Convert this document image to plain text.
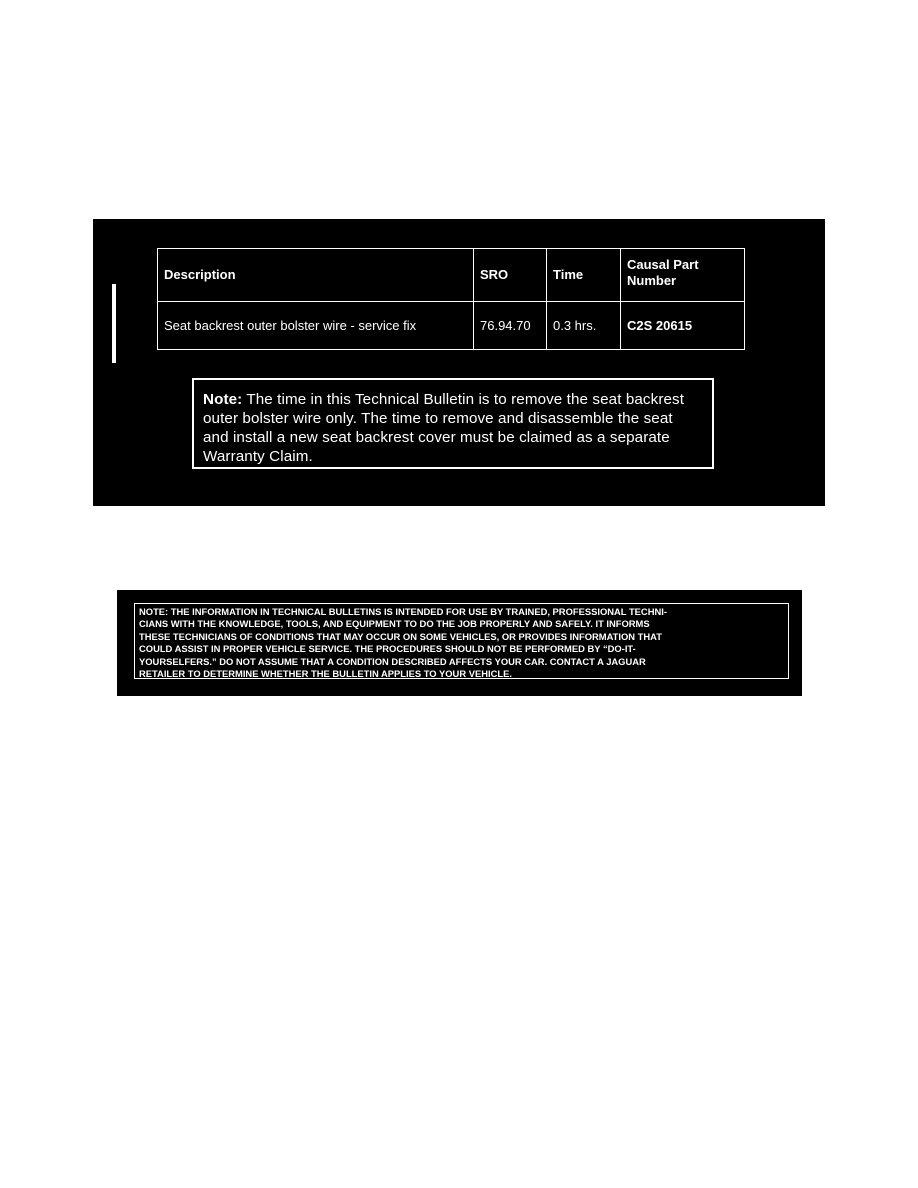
Description	SRO	Time	Causal Part
Number
Seat backrest outer bolster wire - service fix	76.94.70	0.3 hrs.	C2S 20615
Note: The time in this Technical Bulletin is to remove the seat backrest outer bolster wire only. The time to remove and disassemble the seat and install a new seat backrest cover must be claimed as a separate Warranty Claim.
NOTE: THE INFORMATION IN TECHNICAL BULLETINS IS INTENDED FOR USE BY TRAINED, PROFESSIONAL TECHNI-
CIANS WITH THE KNOWLEDGE, TOOLS, AND EQUIPMENT TO DO THE JOB PROPERLY AND SAFELY. IT INFORMS
THESE TECHNICIANS OF CONDITIONS THAT MAY OCCUR ON SOME VEHICLES, OR PROVIDES INFORMATION THAT
COULD ASSIST IN PROPER VEHICLE SERVICE. THE PROCEDURES SHOULD NOT BE PERFORMED BY “DO-IT-
YOURSELFERS.” DO NOT ASSUME THAT A CONDITION DESCRIBED AFFECTS YOUR CAR. CONTACT A JAGUAR
RETAILER TO DETERMINE WHETHER THE BULLETIN APPLIES TO YOUR VEHICLE.
